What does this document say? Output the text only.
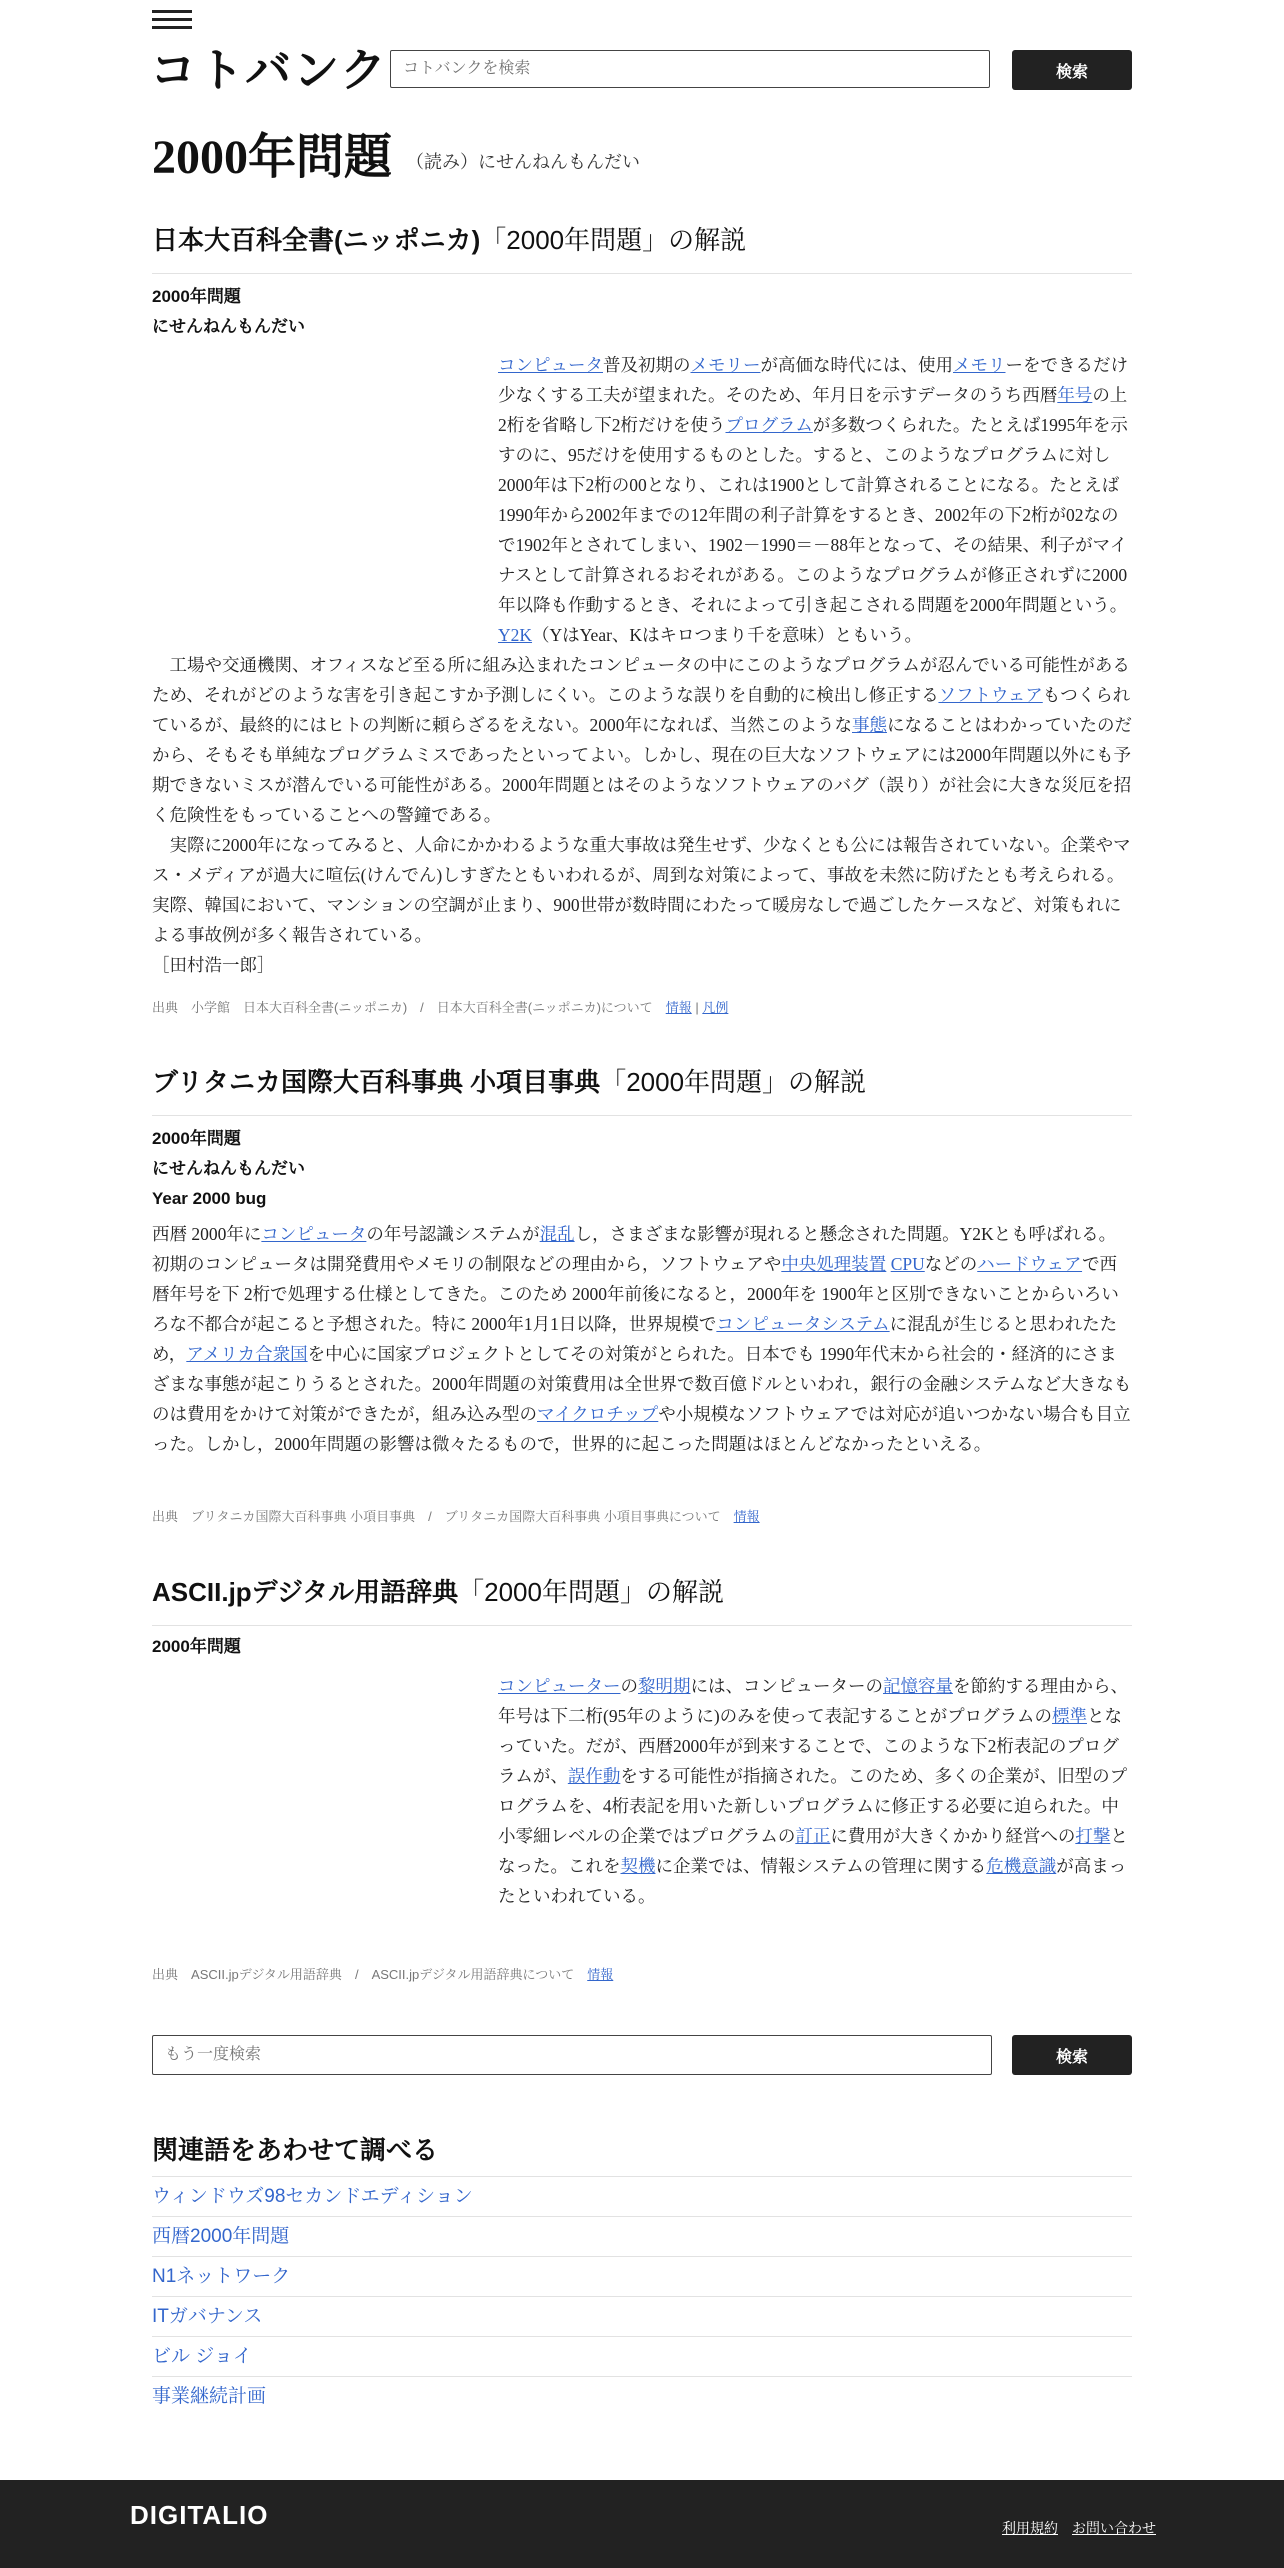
コトバンク
コトバンクを検索	検索
2000年問題 （読み）にせんねんもんだい
日本大百科全書(ニッポニカ)「2000年問題」の解説
2000年問題
にせんねんもんだい
コンピュータ普及初期のメモリーが高価な時代には、使用メモリーをできるだけ少なくする工夫が望まれた。そのため、年月日を示すデータのうち西暦年号の上2桁を省略し下2桁だけを使うプログラムが多数つくられた。たとえば1995年を示すのに、95だけを使用するものとした。すると、このようなプログラムに対し2000年は下2桁の00となり、これは1900として計算されることになる。たとえば1990年から2002年までの12年間の利子計算をするとき、2002年の下2桁が02なので1902年とされてしまい、1902－1990＝－88年となって、その結果、利子がマイナスとして計算されるおそれがある。このようなプログラムが修正されずに2000年以降も作動するとき、それによって引き起こされる問題を2000年問題という。Y2K（YはYear、Kはキロつまり千を意味）ともいう。
　工場や交通機関、オフィスなど至る所に組み込まれたコンピュータの中にこのようなプログラムが忍んでいる可能性があるため、それがどのような害を引き起こすか予測しにくい。このような誤りを自動的に検出し修正するソフトウェアもつくられているが、最終的にはヒトの判断に頼らざるをえない。2000年になれば、当然このような事態になることはわかっていたのだから、そもそも単純なプログラムミスであったといってよい。しかし、現在の巨大なソフトウェアには2000年問題以外にも予期できないミスが潜んでいる可能性がある。2000年問題とはそのようなソフトウェアのバグ（誤り）が社会に大きな災厄を招く危険性をもっていることへの警鐘である。
　実際に2000年になってみると、人命にかかわるような重大事故は発生せず、少なくとも公には報告されていない。企業やマス・メディアが過大に喧伝(けんでん)しすぎたともいわれるが、周到な対策によって、事故を未然に防げたとも考えられる。実際、韓国において、マンションの空調が止まり、900世帯が数時間にわたって暖房なしで過ごしたケースなど、対策もれによる事故例が多く報告されている。
［田村浩一郎］
出典　 小学館　日本大百科全書(ニッポニカ)　/　日本大百科全書(ニッポニカ)について　 情報 | 凡例
ブリタニカ国際大百科事典 小項目事典「2000年問題」の解説
2000年問題
にせんねんもんだい
Year 2000 bug
西暦 2000年にコンピュータの年号認識システムが混乱し，さまざまな影響が現れると懸念された問題。Y2Kとも呼ばれる。初期のコンピュータは開発費用やメモリの制限などの理由から，ソフトウェアや中央処理装置 CPUなどのハードウェアで西暦年号を下 2桁で処理する仕様としてきた。このため 2000年前後になると，2000年を 1900年と区別できないことからいろいろな不都合が起こると予想された。特に 2000年1月1日以降，世界規模でコンピュータシステムに混乱が生じると思われたため，アメリカ合衆国を中心に国家プロジェクトとしてその対策がとられた。日本でも 1990年代末から社会的・経済的にさまざまな事態が起こりうるとされた。2000年問題の対策費用は全世界で数百億ドルといわれ，銀行の金融システムなど大きなものは費用をかけて対策ができたが，組み込み型のマイクロチップや小規模なソフトウェアでは対応が追いつかない場合も目立った。しかし，2000年問題の影響は微々たるもので，世界的に起こった問題はほとんどなかったといえる。
出典　 ブリタニカ国際大百科事典 小項目事典　/　ブリタニカ国際大百科事典 小項目事典について　 情報
ASCII.jpデジタル用語辞典「2000年問題」の解説
2000年問題
コンピューターの黎明期には、コンピューターの記憶容量を節約する理由から、年号は下二桁(95年のように)のみを使って表記することがプログラムの標準となっていた。だが、西暦2000年が到来することで、このような下2桁表記のプログラムが、誤作動をする可能性が指摘された。このため、多くの企業が、旧型のプログラムを、4桁表記を用いた新しいプログラムに修正する必要に迫られた。中小零細レベルの企業ではプログラムの訂正に費用が大きくかかり経営への打撃となった。これを契機に企業では、情報システムの管理に関する危機意識が高まったといわれている。
出典　 ASCII.jpデジタル用語辞典　/　ASCII.jpデジタル用語辞典について　 情報
もう一度検索
検索
関連語をあわせて調べる
ウィンドウズ98セカンドエディション
西暦2000年問題
N1ネットワーク
ITガバナンス
ビル ジョイ
事業継続計画
DIGITALIO	利用規約 お問い合わせ
